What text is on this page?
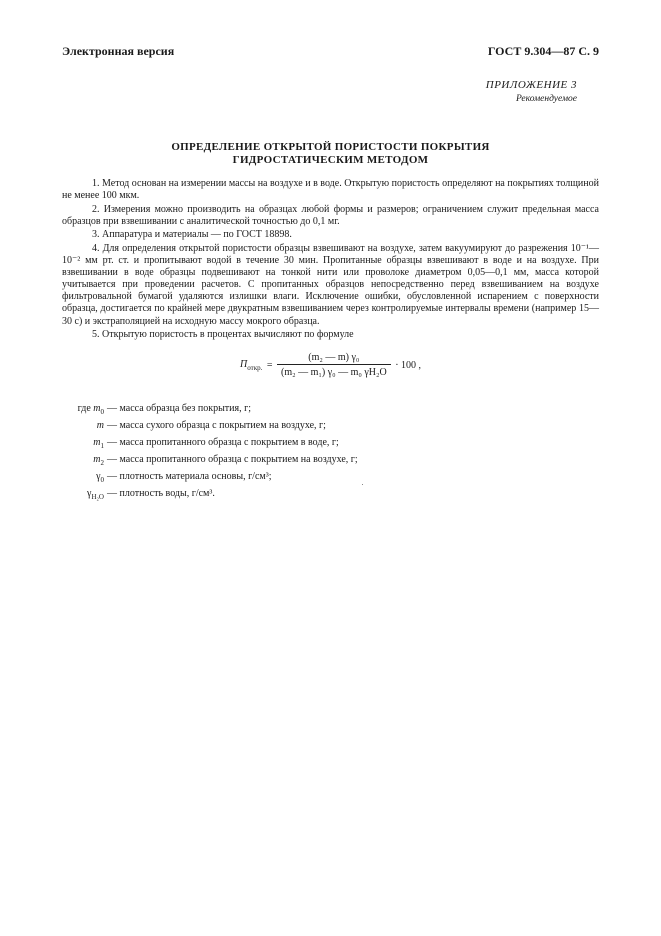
Электронная версия	ГОСТ 9.304—87 С. 9
ПРИЛОЖЕНИЕ 3
Рекомендуемое
ОПРЕДЕЛЕНИЕ ОТКРЫТОЙ ПОРИСТОСТИ ПОКРЫТИЯ
ГИДРОСТАТИЧЕСКИМ МЕТОДОМ

1. Метод основан на измерении массы на воздухе и в воде. Открытую пористость определяют на покрытиях толщиной не менее 100 мкм.

2. Измерения можно производить на образцах любой формы и размеров; ограничением служит предельная масса образцов при взвешивании с аналитической точностью до 0,1 мг.

3. Аппаратура и материалы — по ГОСТ 18898.

4. Для определения открытой пористости образцы взвешивают на воздухе, затем вакуумируют до разрежения 10⁻¹—10⁻² мм рт. ст. и пропитывают водой в течение 30 мин. Пропитанные образцы взвешивают в воде и на воздухе. При взвешивании в воде образцы подвешивают на тонкой нити или проволоке диаметром 0,05—0,1 мм, масса которой учитывается при проведении расчетов. С пропитанных образцов непосредственно перед взвешиванием на воздухе фильтровальной бумагой удаляются излишки влаги. Исключение ошибки, обусловленной испарением с поверхности образца, достигается по крайней мере двукратным взвешиванием через контролируемые интервалы времени (например 15—30 с) и экстраполяцией на исходную массу мокрого образца.

5. Открытую пористость в процентах вычисляют по формуле

$П_{откр.} = \frac{\text{(m₂ — m) γ₀}}{\text{(m₂ — m₁) γ₀ — m₀ γH₂O}} \cdot 100$ ,
где $m_0$ — масса образца без покрытия, г;
m — масса сухого образца с покрытием на воздухе, г;
$m_1$ — масса пропитанного образца с покрытием в воде, г;
$m_2$ — масса пропитанного образца с покрытием на воздухе, г;
$\gamma_0$ — плотность материала основы, г/см³;
$\gamma_{H_2O}$ — плотность воды, г/см³.
